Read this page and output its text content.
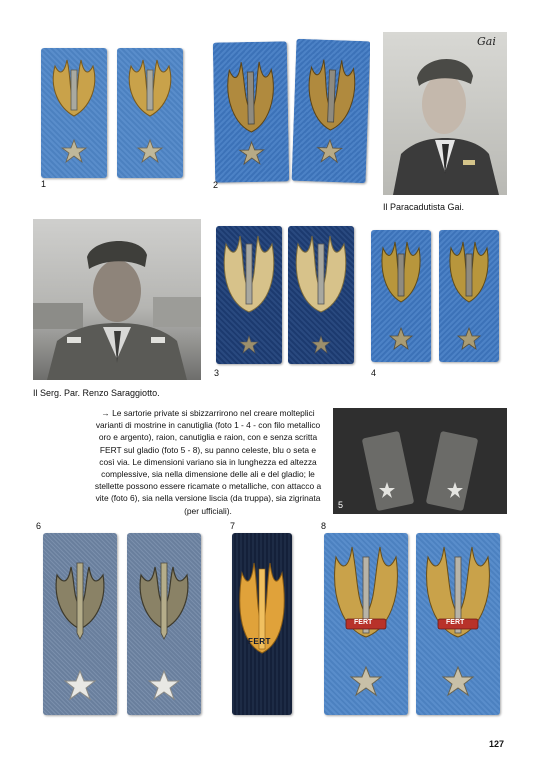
1	2
Gai
Il Paracadutista Gai.
Il Serg. Par. Renzo Saraggiotto.
3	4
→ Le sartorie private si sbizzarrirono nel creare molteplici varianti di mostrine in canutiglia (foto 1 - 4 - con filo metallico oro e argento), raion, canutiglia e raion, con e senza scritta FERT sul gladio (foto 5 - 8), su panno celeste, blu o seta e così via. Le dimensioni variano sia in lunghezza ed altezza complessive, sia nella dimensione delle ali e del gladio; le stellette possono essere ricamate o metalliche, con attacco a vite (foto 6), sia nella versione liscia (da truppa), sia zigrinata (per ufficiali).
5
6	7
FERT
8
FERT	FERT
127
